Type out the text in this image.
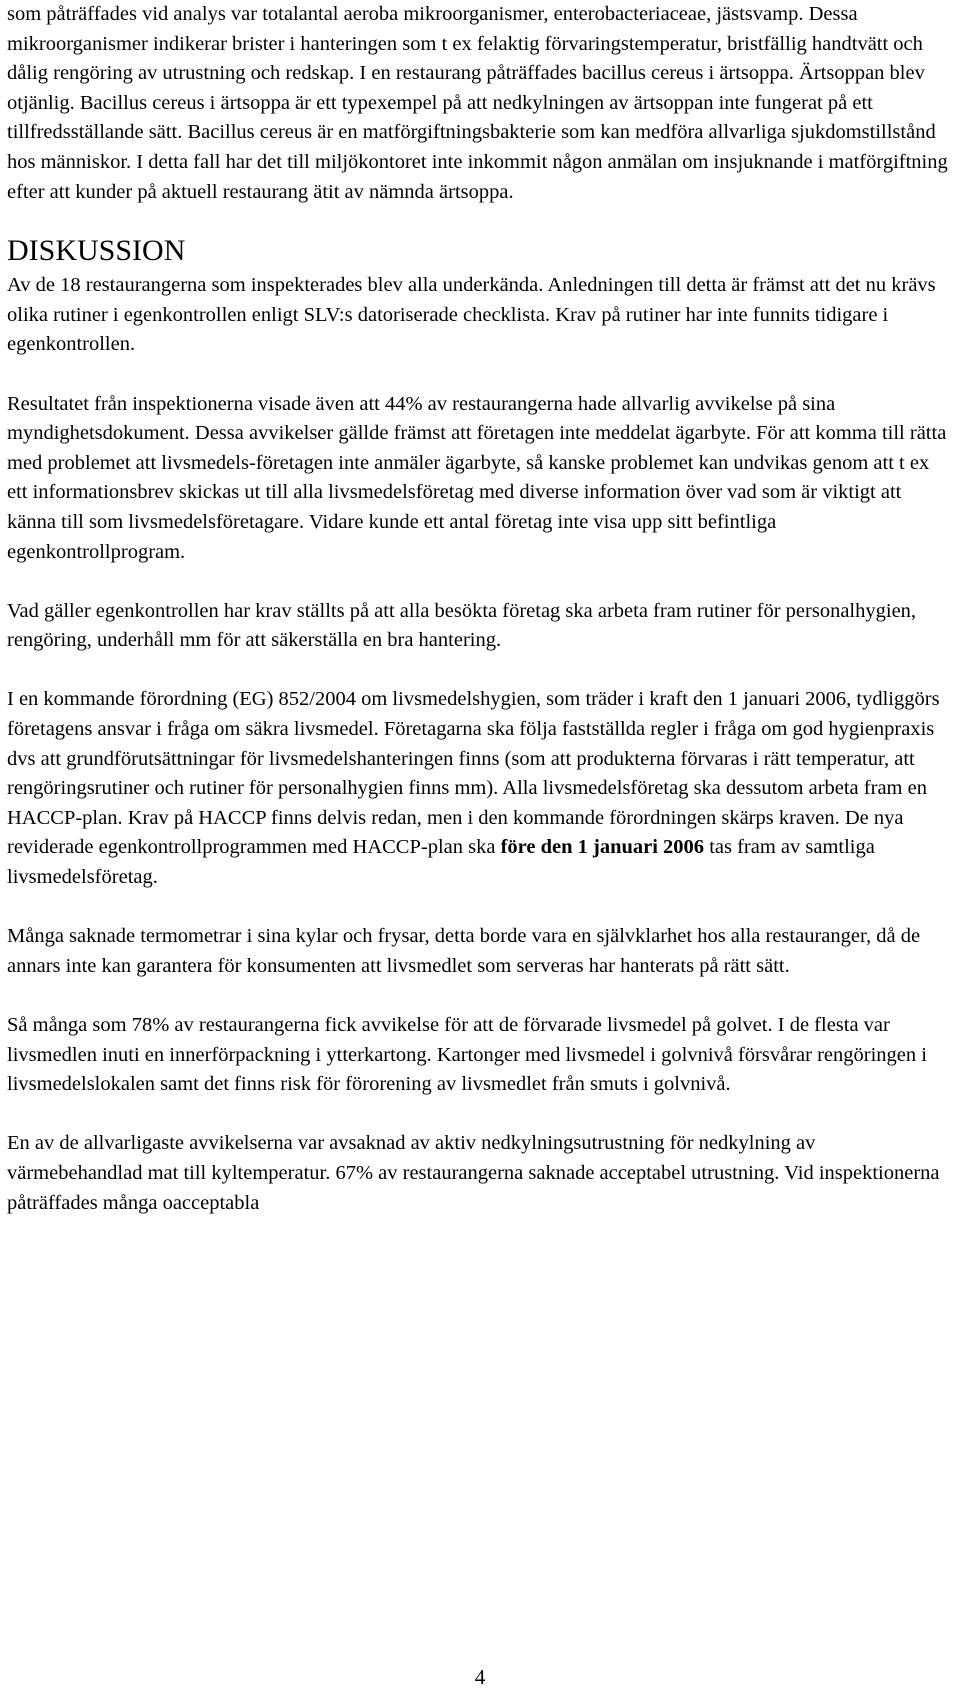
som påträffades vid analys var totalantal aeroba mikroorganismer, enterobacteriaceae, jästsvamp. Dessa mikroorganismer indikerar brister i hanteringen som t ex felaktig förvaringstemperatur, bristfällig handtvätt och dålig rengöring av utrustning och redskap. I en restaurang påträffades bacillus cereus i ärtsoppa. Ärtsoppan blev otjänlig. Bacillus cereus i ärtsoppa är ett typexempel på att nedkylningen av ärtsoppan inte fungerat på ett tillfredsställande sätt. Bacillus cereus är en matförgiftningsbakterie som kan medföra allvarliga sjukdomstillstånd hos människor. I detta fall har det till miljökontoret inte inkommit någon anmälan om insjuknande i matförgiftning efter att kunder på aktuell restaurang ätit av nämnda ärtsoppa.

DISKUSSION

Av de 18 restaurangerna som inspekterades blev alla underkända. Anledningen till detta är främst att det nu krävs olika rutiner i egenkontrollen enligt SLV:s datoriserade checklista. Krav på rutiner har inte funnits tidigare i egenkontrollen.

Resultatet från inspektionerna visade även att 44% av restaurangerna hade allvarlig avvikelse på sina myndighetsdokument. Dessa avvikelser gällde främst att företagen inte meddelat ägarbyte. För att komma till rätta med problemet att livsmedels-företagen inte anmäler ägarbyte, så kanske problemet kan undvikas genom att t ex ett informationsbrev skickas ut till alla livsmedelsföretag med diverse information över vad som är viktigt att känna till som livsmedelsföretagare. Vidare kunde ett antal företag inte visa upp sitt befintliga egenkontrollprogram.

Vad gäller egenkontrollen har krav ställts på att alla besökta företag ska arbeta fram rutiner för personalhygien, rengöring, underhåll mm för att säkerställa en bra hantering.

I en kommande förordning (EG) 852/2004 om livsmedelshygien, som träder i kraft den 1 januari 2006, tydliggörs företagens ansvar i fråga om säkra livsmedel. Företagarna ska följa fastställda regler i fråga om god hygienpraxis dvs att grundförutsättningar för livsmedelshanteringen finns (som att produkterna förvaras i rätt temperatur, att rengöringsrutiner och rutiner för personalhygien finns mm). Alla livsmedelsföretag ska dessutom arbeta fram en HACCP-plan. Krav på HACCP finns delvis redan, men i den kommande förordningen skärps kraven. De nya reviderade egenkontrollprogrammen med HACCP-plan ska före den 1 januari 2006 tas fram av samtliga livsmedelsföretag.

Många saknade termometrar i sina kylar och frysar, detta borde vara en självklarhet hos alla restauranger, då de annars inte kan garantera för konsumenten att livsmedlet som serveras har hanterats på rätt sätt.

Så många som 78% av restaurangerna fick avvikelse för att de förvarade livsmedel på golvet. I de flesta var livsmedlen inuti en innerförpackning i ytterkartong. Kartonger med livsmedel i golvnivå försvårar rengöringen i livsmedelslokalen samt det finns risk för förorening av livsmedlet från smuts i golvnivå.

En av de allvarligaste avvikelserna var avsaknad av aktiv nedkylningsutrustning för nedkylning av värmebehandlad mat till kyltemperatur. 67% av restaurangerna saknade acceptabel utrustning. Vid inspektionerna påträffades många oacceptabla

4
